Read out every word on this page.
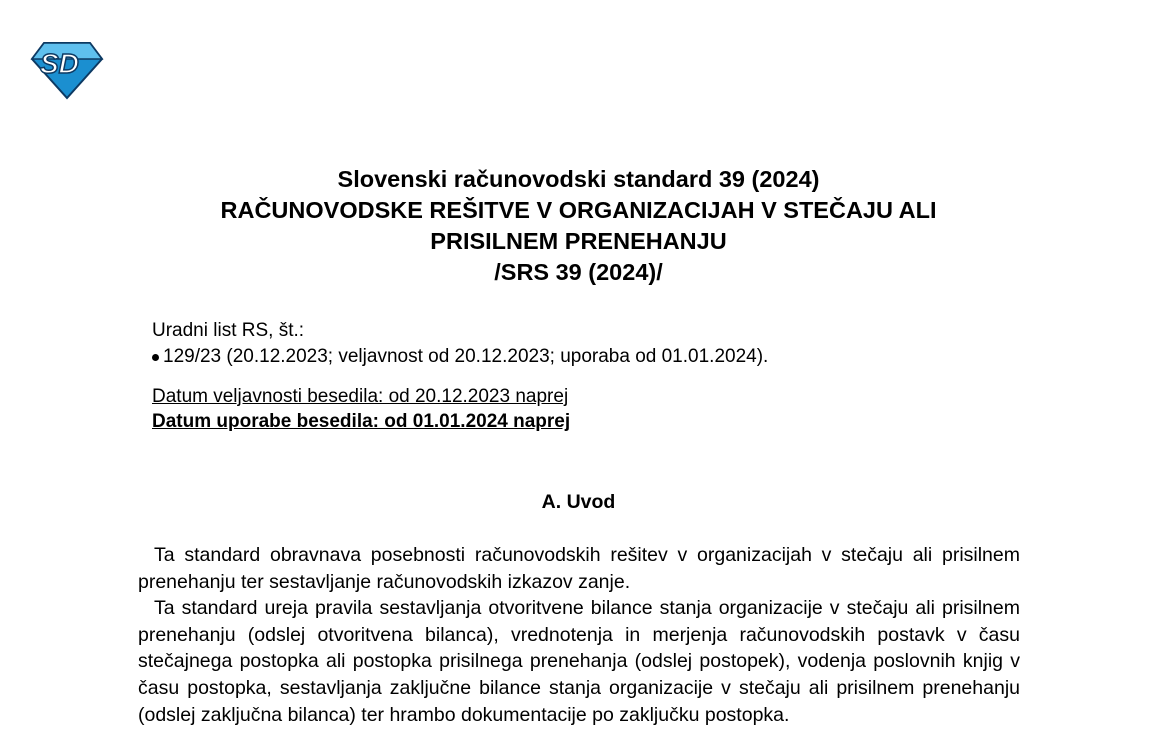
SD
Slovenski računovodski standard 39 (2024)
RAČUNOVODSKE REŠITVE V ORGANIZACIJAH V STEČAJU ALI
PRISILNEM PRENEHANJU
/SRS 39 (2024)/
Uradni list RS, št.:
129/23 (20.12.2023; veljavnost od 20.12.2023; uporaba od 01.01.2024).
Datum veljavnosti besedila: od 20.12.2023 naprej
Datum uporabe besedila: od 01.01.2024 naprej
A. Uvod

Ta standard obravnava posebnosti računovodskih rešitev v organizacijah v stečaju ali prisilnem prenehanju ter sestavljanje računovodskih izkazov zanje.

Ta standard ureja pravila sestavljanja otvoritvene bilance stanja organizacije v stečaju ali prisilnem prenehanju (odslej otvoritvena bilanca), vrednotenja in merjenja računovodskih postavk v času stečajnega postopka ali postopka prisilnega prenehanja (odslej postopek), vodenja poslovnih knjig v času postopka, sestavljanja zaključne bilance stanja organizacije v stečaju ali prisilnem prenehanju (odslej zaključna bilanca) ter hrambo dokumentacije po zaključku postopka.
